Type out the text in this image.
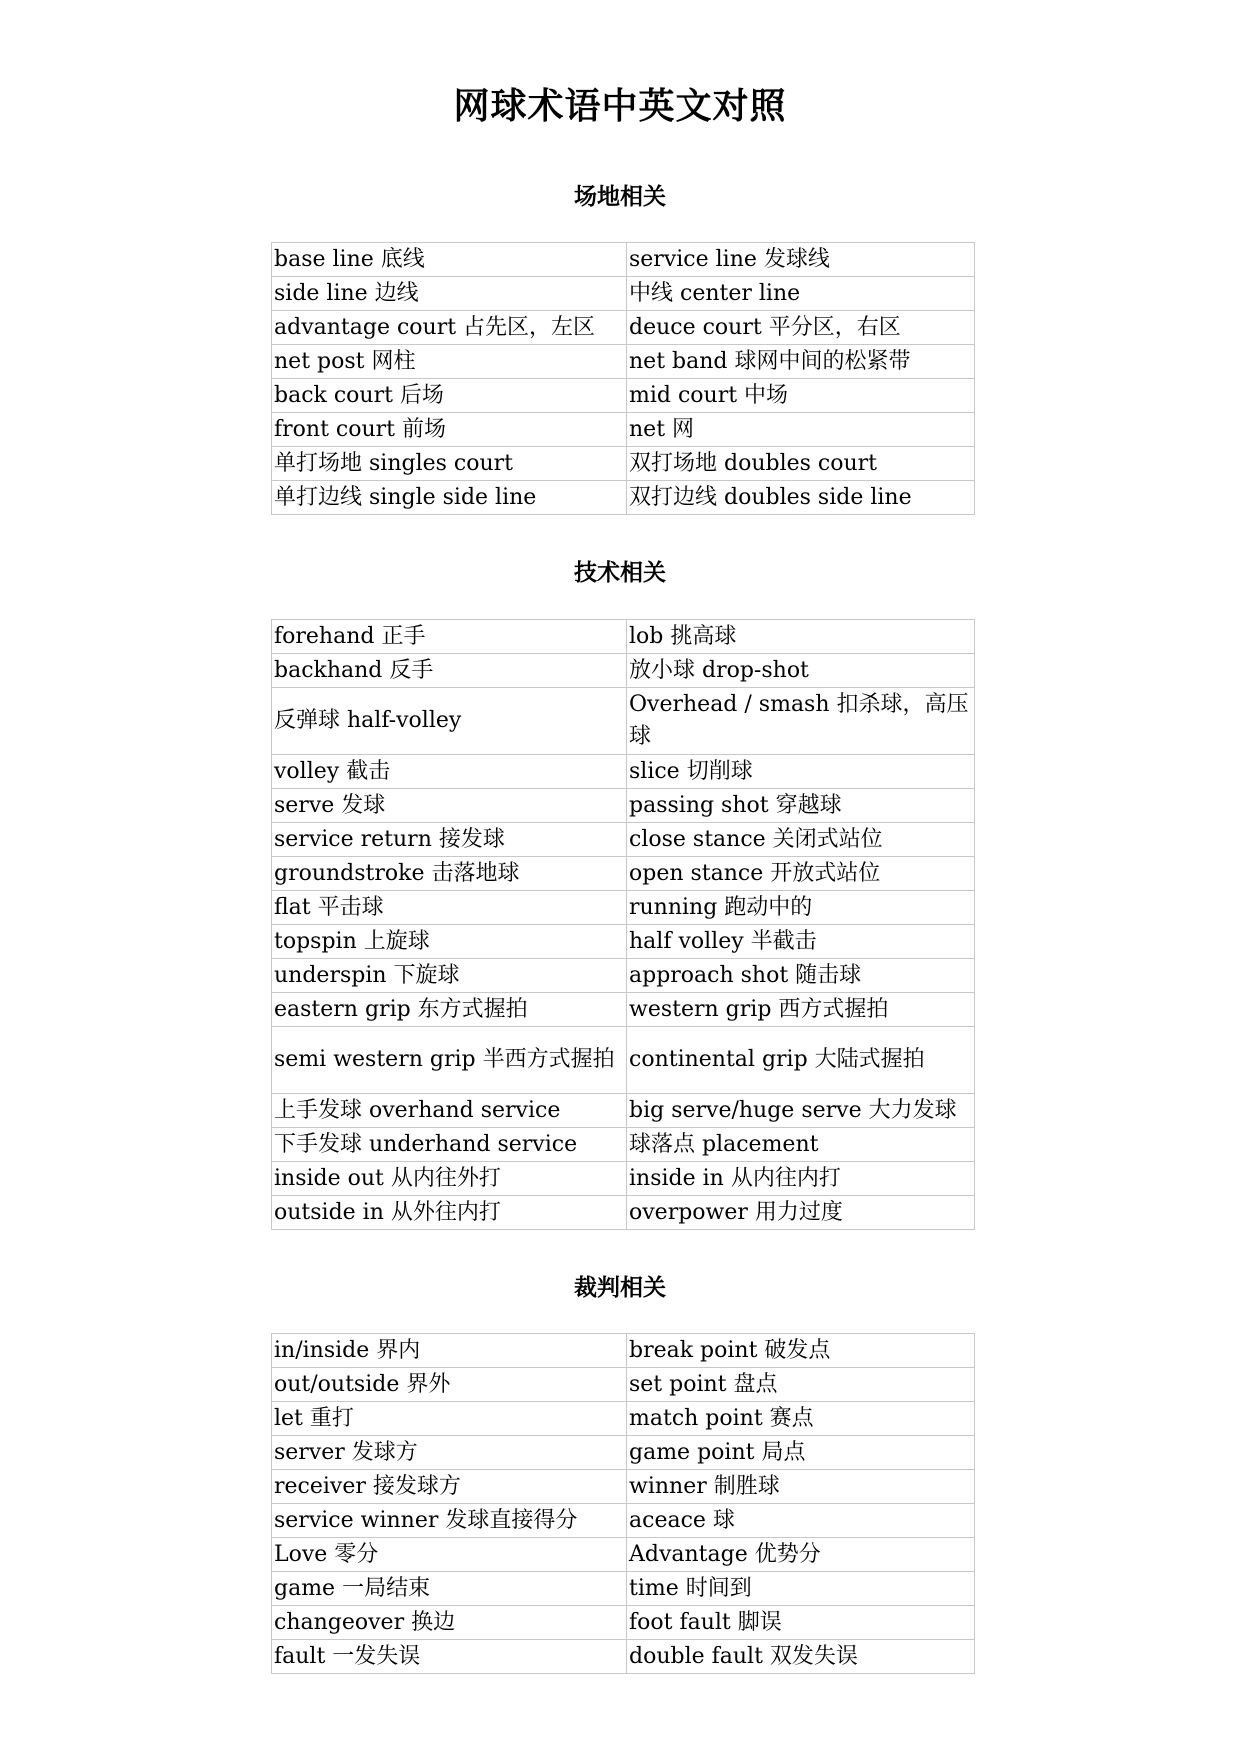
网球术语中英文对照
场地相关
base line 底线	service line 发球线
side line 边线	中线 center line
advantage court 占先区，左区	deuce court 平分区，右区
net post 网柱	net band 球网中间的松紧带
back court 后场	mid court 中场
front court 前场	net 网
单打场地 singles court	双打场地 doubles court
单打边线 single side line	双打边线 doubles side line
技术相关
forehand 正手	lob 挑高球
backhand 反手	放小球 drop-shot
反弹球 half-volley	Overhead / smash 扣杀球，高压球
volley 截击	slice 切削球
serve 发球	passing shot 穿越球
service return 接发球	close stance 关闭式站位
groundstroke 击落地球	open stance 开放式站位
flat 平击球	running 跑动中的
topspin 上旋球	half volley 半截击
underspin 下旋球	approach shot 随击球
eastern grip 东方式握拍	western grip 西方式握拍
semi western grip 半西方式握拍	continental grip 大陆式握拍
上手发球 overhand service	big serve/huge serve 大力发球
下手发球 underhand service	球落点 placement
inside out 从内往外打	inside in 从内往内打
outside in 从外往内打	overpower 用力过度
裁判相关
in/inside 界内	break point 破发点
out/outside 界外	set point 盘点
let 重打	match point 赛点
server 发球方	game point 局点
receiver 接发球方	winner 制胜球
service winner 发球直接得分	aceace 球
Love 零分	Advantage 优势分
game 一局结束	time 时间到
changeover 换边	foot fault 脚误
fault 一发失误	double fault 双发失误
